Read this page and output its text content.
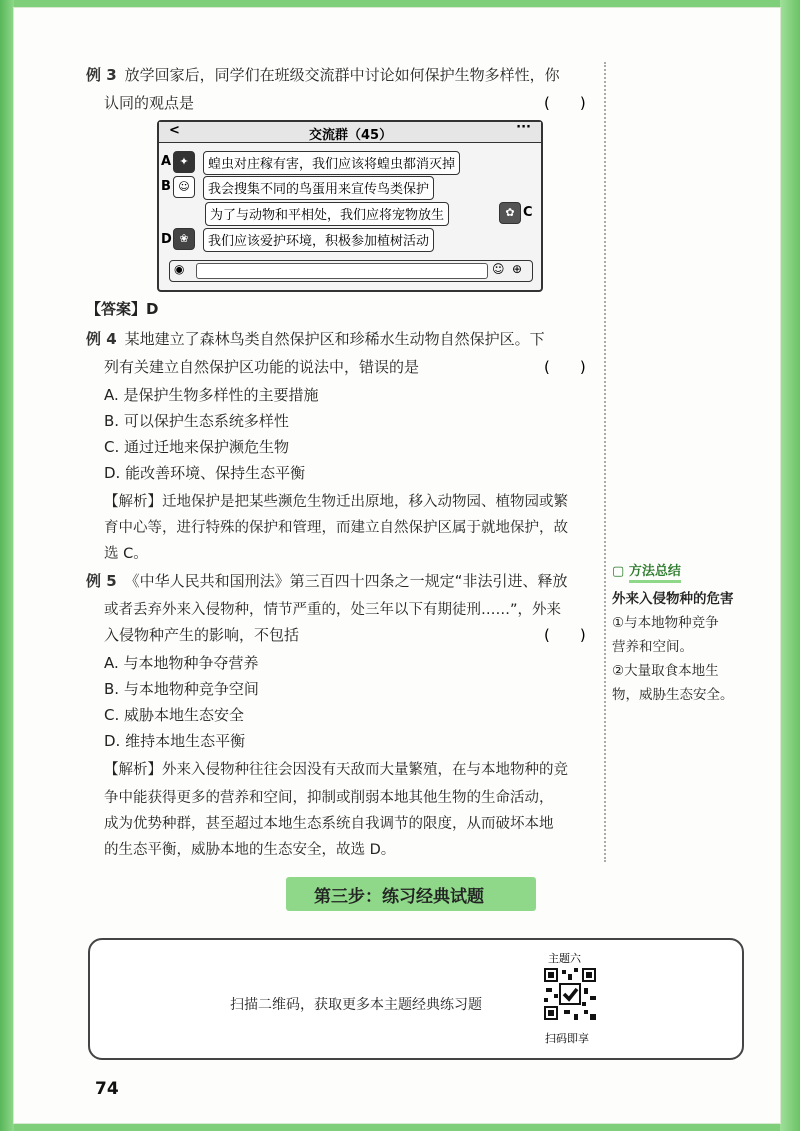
例 3 放学回家后，同学们在班级交流群中讨论如何保护生物多样性，你
认同的观点是	(　　)
<	交流群（45）
···
A ✦	蝗虫对庄稼有害，我们应该将蝗虫都消灭掉
B ☺	我会搜集不同的鸟蛋用来宣传鸟类保护
为了与动物和平相处，我们应将宠物放生	✿ C
D ❀	我们应该爱护环境，积极参加植树活动
◉	☺ ⊕
【答案】D
例 4 某地建立了森林鸟类自然保护区和珍稀水生动物自然保护区。下
列有关建立自然保护区功能的说法中，错误的是	(　　)
A. 是保护生物多样性的主要措施
B. 可以保护生态系统多样性
C. 通过迁地来保护濒危生物
D. 能改善环境、保持生态平衡
【解析】迁地保护是把某些濒危生物迁出原地，移入动物园、植物园或繁
育中心等，进行特殊的保护和管理，而建立自然保护区属于就地保护，故
选 C。
例 5 《中华人民共和国刑法》第三百四十四条之一规定“非法引进、释放
或者丢弃外来入侵物种，情节严重的，处三年以下有期徒刑……”，外来
入侵物种产生的影响，不包括	(　　)
A. 与本地物种争夺营养
B. 与本地物种竞争空间
C. 威胁本地生态安全
D. 维持本地生态平衡
【解析】外来入侵物种往往会因没有天敌而大量繁殖，在与本地物种的竞
争中能获得更多的营养和空间，抑制或削弱本地其他生物的生命活动，
成为优势种群，甚至超过本地生态系统自我调节的限度，从而破坏本地
的生态平衡，威胁本地的生态安全，故选 D。
▢ 方法总结

外来入侵物种的危害

①与本地物种竞争

营养和空间。

②大量取食本地生

物，威胁生态安全。

第三步：练习经典试题
扫描二维码，获取更多本主题经典练习题
主题六
扫码即享
74
